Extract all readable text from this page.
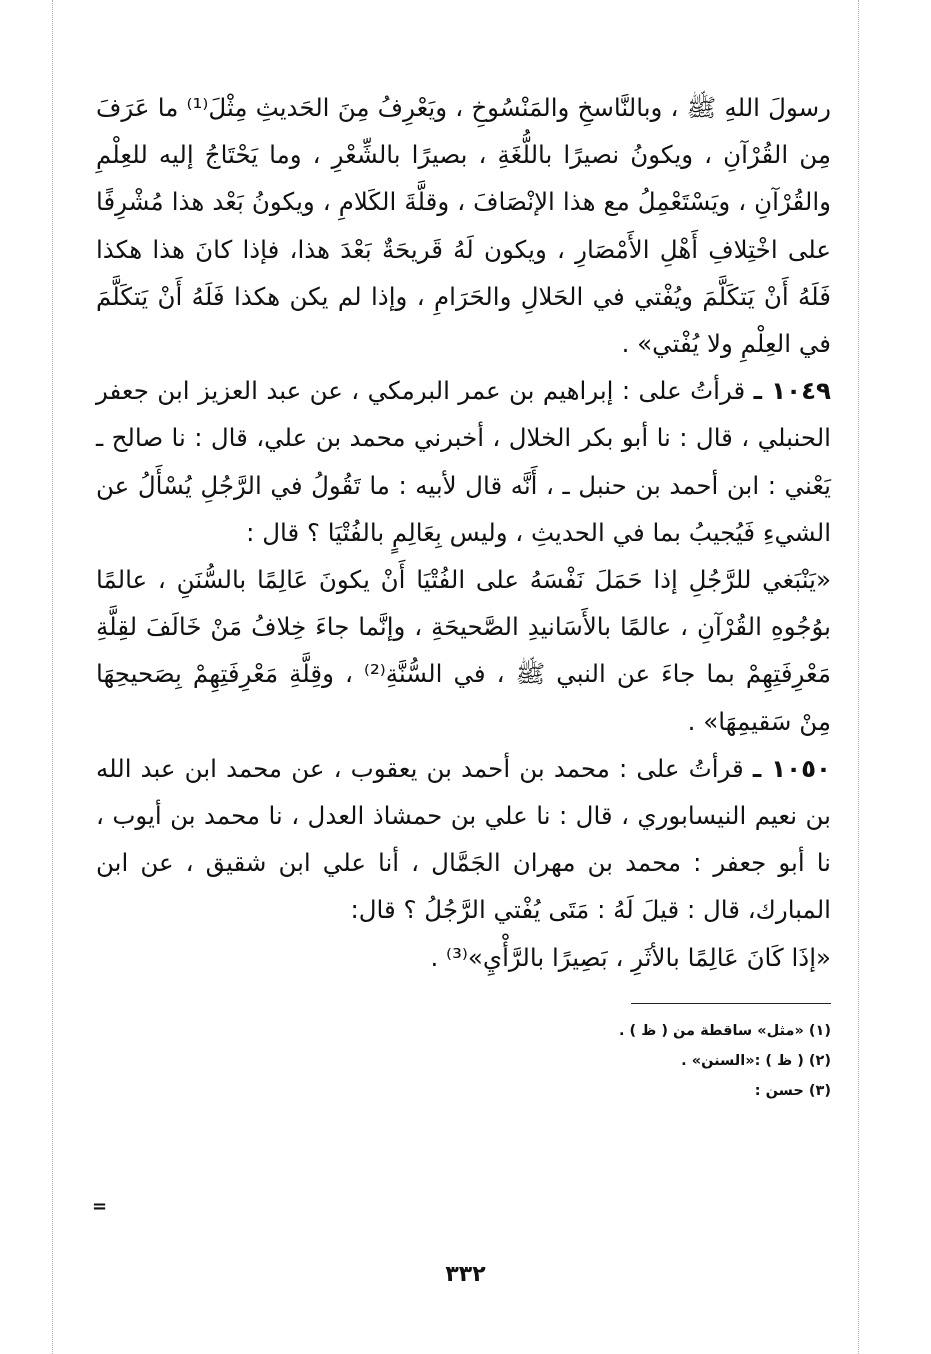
رسولَ اللهِ ﷺ ، وبالنَّاسخِ والمَنْسُوخِ ، ويَعْرِفُ مِنَ الحَديثِ مِثْلَ⁽¹⁾ ما عَرَفَ مِن القُرْآنِ ، ويكونُ نصيرًا باللُّغَةِ ، بصيرًا بالشِّعْرِ ، وما يَحْتَاجُ إليه للعِلْمِ والقُرْآنِ ، ويَسْتَعْمِلُ مع هذا الإنْصَافَ ، وقلَّةَ الكَلامِ ، ويكونُ بَعْد هذا مُشْرِفًا على اخْتِلافِ أَهْلِ الأَمْصَارِ ، ويكون لَهُ قَريحَةٌ بَعْدَ هذا، فإذا كانَ هذا هكذا فَلَهُ أَنْ يَتكَلَّمَ ويُفْتي في الحَلالِ والحَرَامِ ، وإذا لم يكن هكذا فَلَهُ أَنْ يَتكَلَّمَ في العِلْمِ ولا يُفْتي» .

١٠٤٩ ـ قرأتُ على : إبراهيم بن عمر البرمكي ، عن عبد العزيز ابن جعفر الحنبلي ، قال : نا أبو بكر الخلال ، أخبرني محمد بن علي، قال : نا صالح ـ يَعْني : ابن أحمد بن حنبل ـ ، أَنَّه قال لأبيه : ما تَقُولُ في الرَّجُلِ يُسْأَلُ عن الشيءِ فَيُجيبُ بما في الحديثِ ، وليس بِعَالِمٍ بالفُتْيَا ؟ قال :

«يَنْبَغي للرَّجُلِ إذا حَمَلَ نَفْسَهُ على الفُتْيَا أَنْ يكونَ عَالِمًا بالسُّنَنِ ، عالمًا بوُجُوهِ القُرْآنِ ، عالمًا بالأَسَانيدِ الصَّحيحَةِ ، وإنَّما جاءَ خِلافُ مَنْ خَالَفَ لقِلَّةِ مَعْرِفَتِهِمْ بما جاءَ عن النبي ﷺ ، في السُّنَّةِ⁽²⁾ ، وقِلَّةِ مَعْرِفَتِهِمْ بِصَحيحِهَا مِنْ سَقيمِهَا» .

١٠٥٠ ـ قرأتُ على : محمد بن أحمد بن يعقوب ، عن محمد ابن عبد الله بن نعيم النيسابوري ، قال : نا علي بن حمشاذ العدل ، نا محمد بن أيوب ، نا أبو جعفر : محمد بن مهران الجَمَّال ، أنا علي ابن شقيق ، عن ابن المبارك، قال : قيلَ لَهُ : مَتَى يُفْتي الرَّجُلُ ؟ قال:

«إذَا كَانَ عَالِمًا بالأثَرِ ، بَصِيرًا بالرَّأْيِ»⁽³⁾ .

(١) «مثل» ساقطة من ( ظ ) .

(٢) ( ظ ) :«السنن» .

(٣) حسن :

=
٣٣٢
